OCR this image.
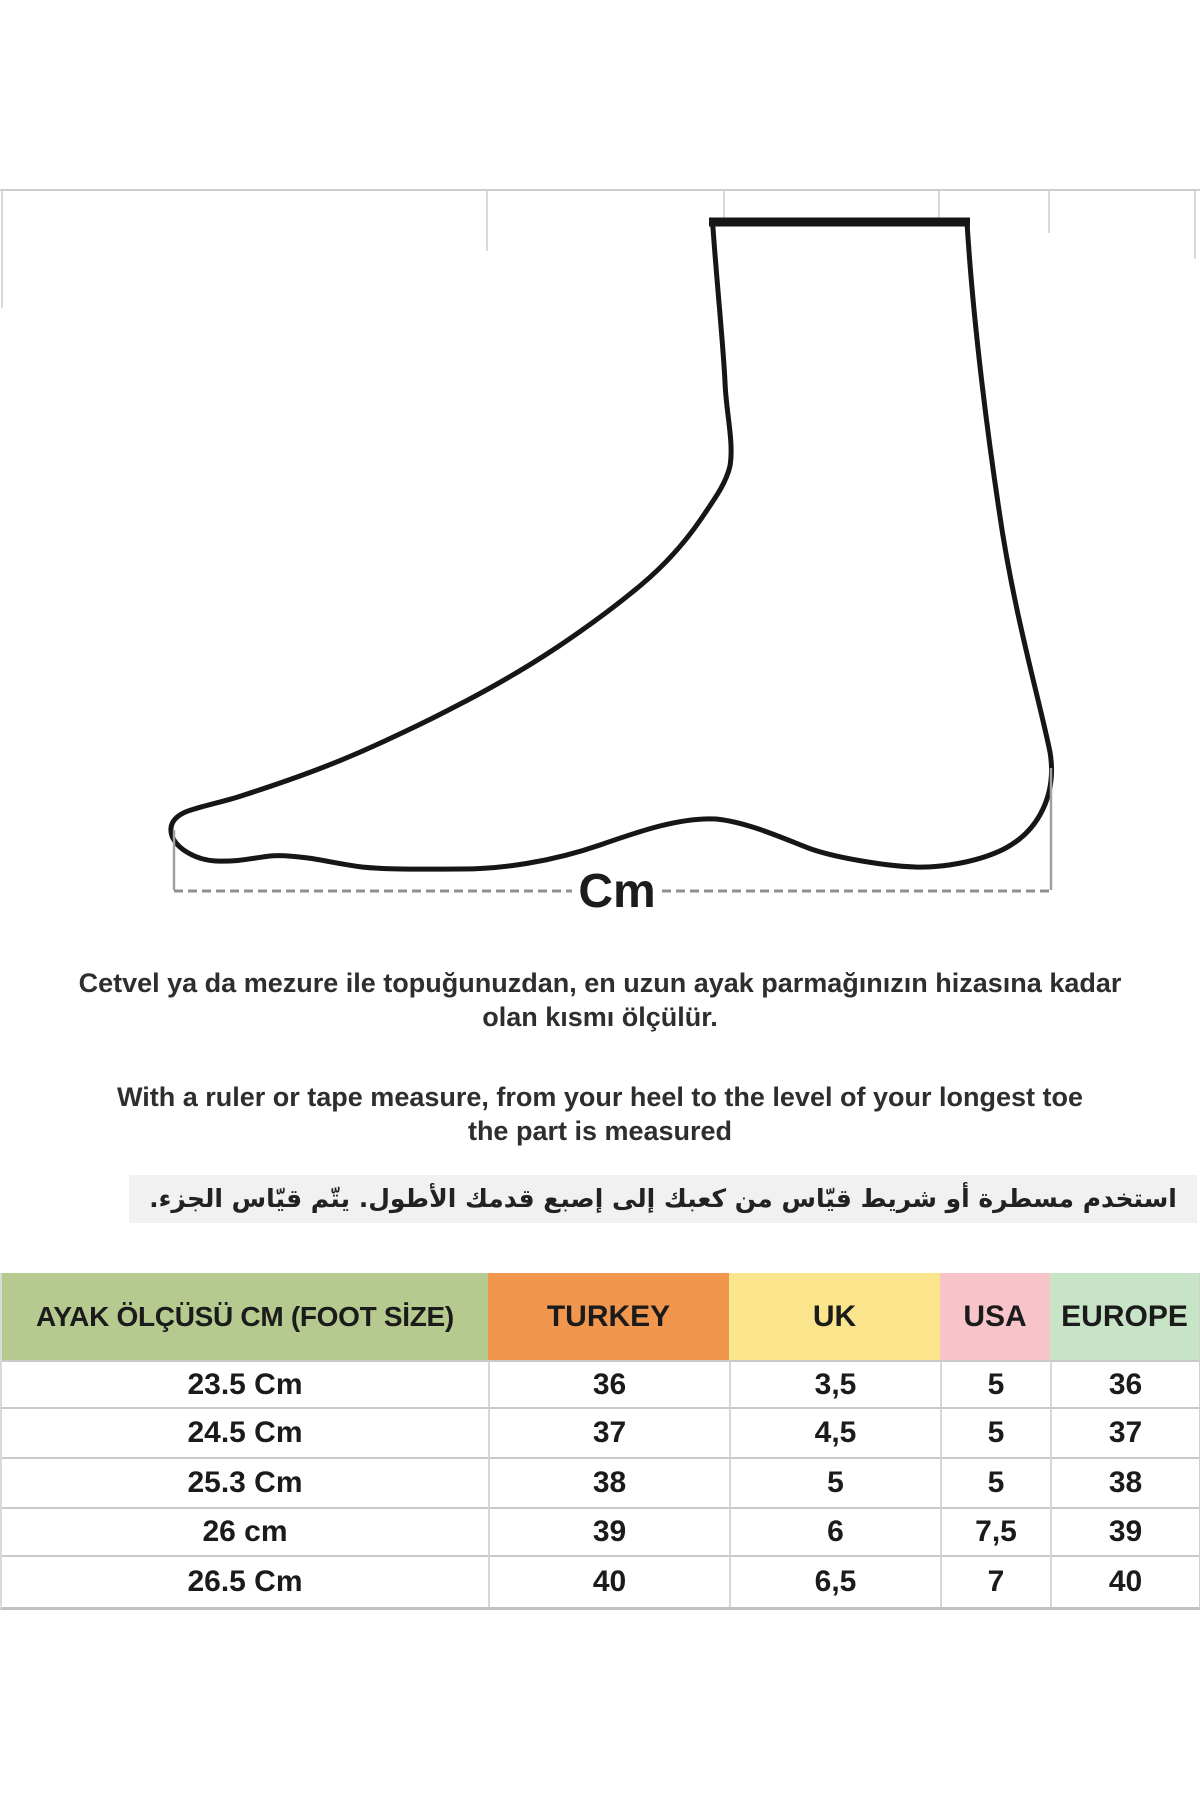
Cm
Cetvel ya da mezure ile topuğunuzdan, en uzun ayak parmağınızın hizasına kadar
olan kısmı ölçülür.
With a ruler or tape measure, from your heel to the level of your longest toe
the part is measured
استخدم مسطرة أو شريط قيّاس من كعبك إلى إصبع قدمك الأطول. يتّم قيّاس الجزء.
AYAK ÖLÇÜSÜ CM (FOOT SİZE)	TURKEY	UK	USA	EUROPE
23.5 Cm	36	3,5	5	36
24.5 Cm	37	4,5	5	37
25.3 Cm	38	5	5	38
26 cm	39	6	7,5	39
26.5 Cm	40	6,5	7	40
